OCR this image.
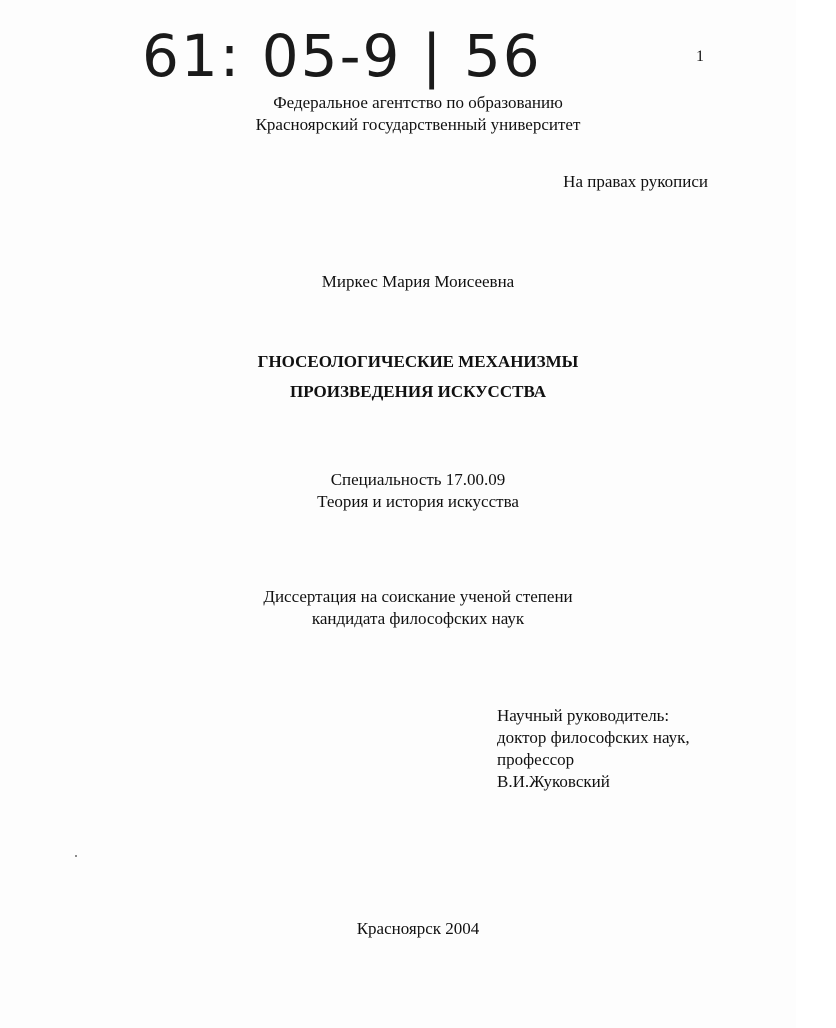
61: 05-9 | 56	1
Федеральное агентство по образованию
Красноярский государственный университет
На правах рукописи
Миркес Мария Моисеевна
ГНОСЕОЛОГИЧЕСКИЕ МЕХАНИЗМЫ
ПРОИЗВЕДЕНИЯ ИСКУССТВА
Специальность 17.00.09
Теория и история искусства
Диссертация на соискание ученой степени
кандидата философских наук
Научный руководитель:
доктор философских наук,
профессор
В.И.Жуковский
Красноярск 2004
